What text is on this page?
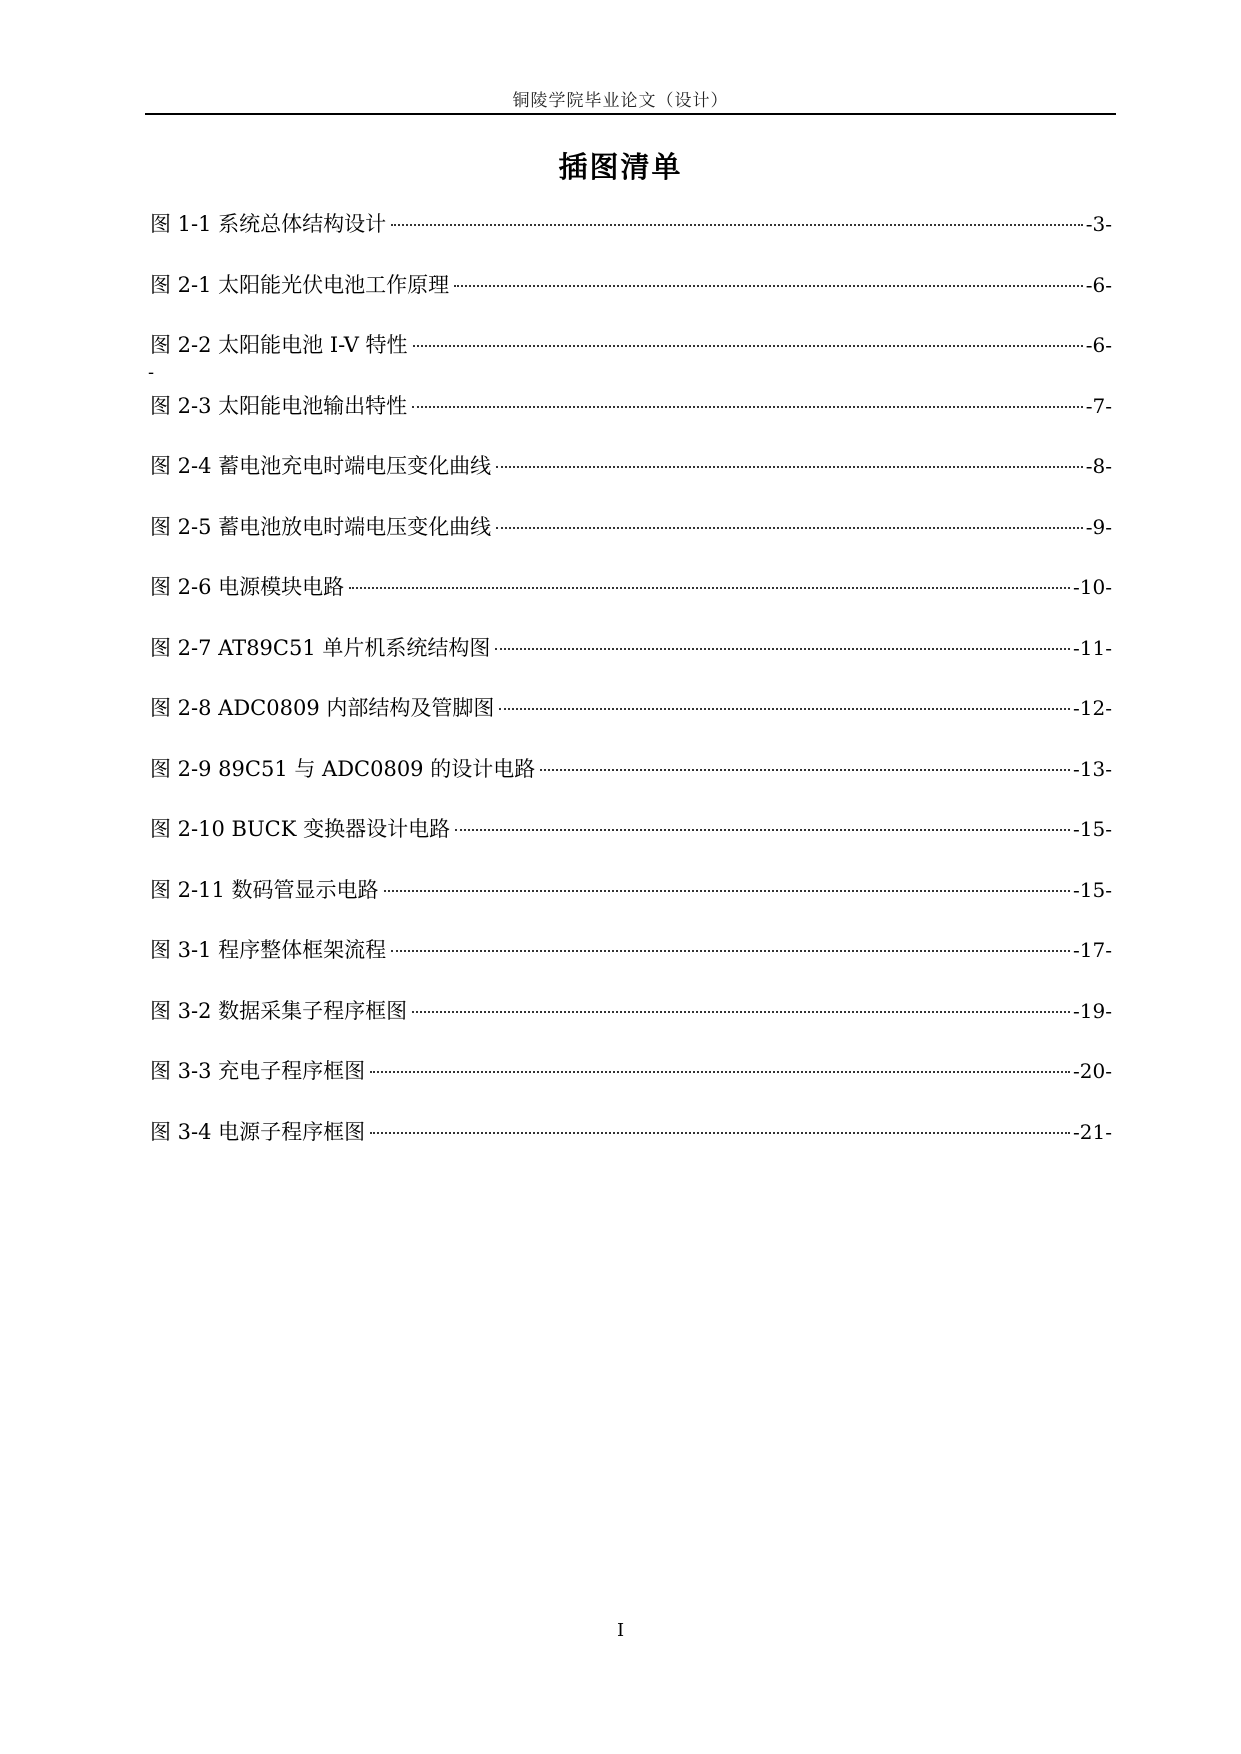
铜陵学院毕业论文（设计）
插图清单
图 1-1 系统总体结构设计	-3-
图 2-1 太阳能光伏电池工作原理	-6-
图 2-2 太阳能电池 I-V 特性	-6-
图 2-3 太阳能电池输出特性	-7-
图 2-4 蓄电池充电时端电压变化曲线	-8-
图 2-5 蓄电池放电时端电压变化曲线	-9-
图 2-6 电源模块电路	-10-
图 2-7 AT89C51 单片机系统结构图	-11-
图 2-8 ADC0809 内部结构及管脚图	-12-
图 2-9 89C51 与 ADC0809 的设计电路	-13-
图 2-10 BUCK 变换器设计电路	-15-
图 2-11 数码管显示电路	-15-
图 3-1 程序整体框架流程	-17-
图 3-2 数据采集子程序框图	-19-
图 3-3 充电子程序框图	-20-
图 3-4 电源子程序框图	-21-
-
I
